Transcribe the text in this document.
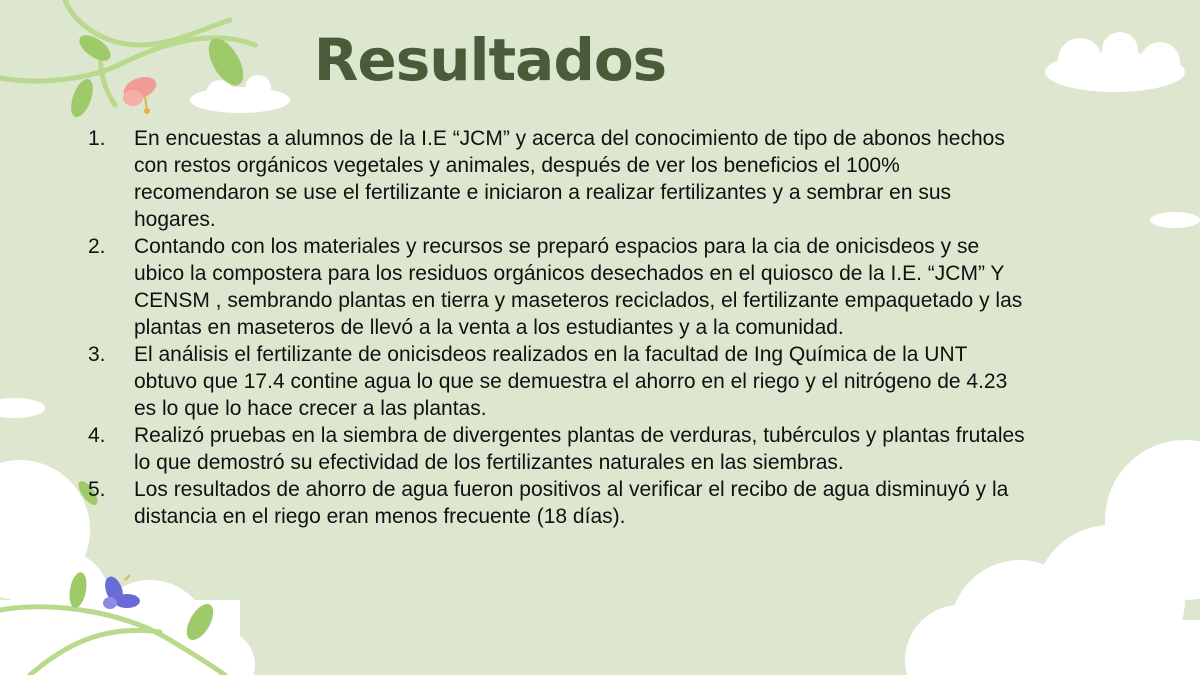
Resultados
1. En encuestas a alumnos de la I.E “JCM” y acerca del conocimiento de tipo de abonos hechos con restos orgánicos vegetales y animales, después de ver los beneficios el 100% recomendaron se use el fertilizante e iniciaron a realizar fertilizantes y a sembrar en sus hogares.
2. Contando con los materiales y recursos se preparó espacios para la cia de onicisdeos y se ubico la compostera para los residuos orgánicos desechados en el quiosco de la I.E. “JCM” Y CENSM , sembrando plantas en tierra y maseteros reciclados, el fertilizante empaquetado y las plantas en maseteros de llevó a la venta a los estudiantes y a la comunidad.
3. El análisis el fertilizante de onicisdeos realizados en la facultad de Ing Química de la UNT obtuvo que 17.4 contine agua lo que se demuestra el ahorro en el riego y el nitrógeno de 4.23 es lo que lo hace crecer a las plantas.
4. Realizó pruebas en la siembra de divergentes plantas de verduras, tubérculos y plantas frutales lo que demostró su efectividad de los fertilizantes naturales en las siembras.
5. Los resultados de ahorro de agua fueron positivos al verificar el recibo de agua disminuyó y la distancia en el riego eran menos frecuente (18 días).
